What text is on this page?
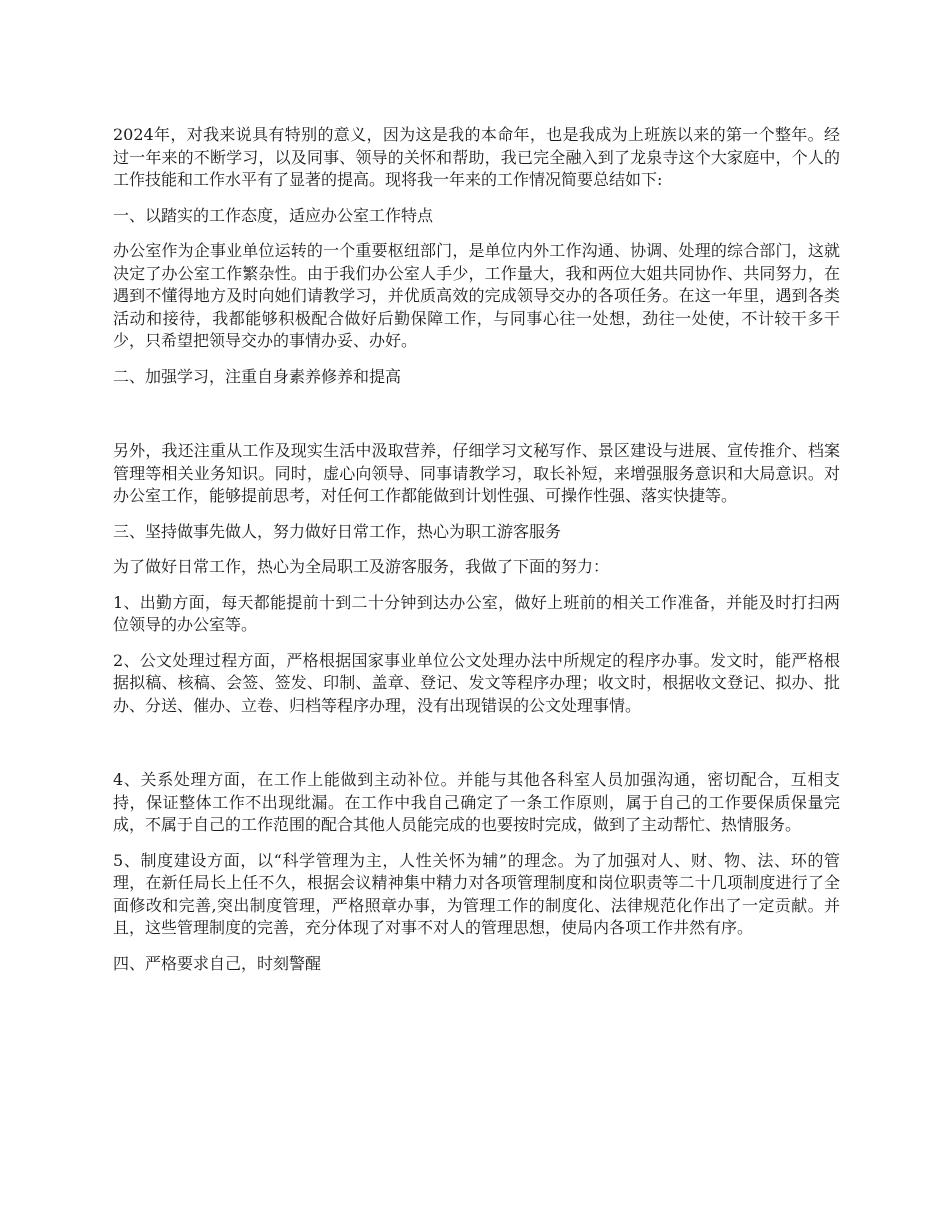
2024年，对我来说具有特别的意义，因为这是我的本命年，也是我成为上班族以来的第一个整年。经过一年来的不断学习，以及同事、领导的关怀和帮助，我已完全融入到了龙泉寺这个大家庭中，个人的工作技能和工作水平有了显著的提高。现将我一年来的工作情况简要总结如下:

一、以踏实的工作态度，适应办公室工作特点

办公室作为企事业单位运转的一个重要枢纽部门，是单位内外工作沟通、协调、处理的综合部门，这就决定了办公室工作繁杂性。由于我们办公室人手少，工作量大，我和两位大姐共同协作、共同努力，在遇到不懂得地方及时向她们请教学习，并优质高效的完成领导交办的各项任务。在这一年里，遇到各类活动和接待，我都能够积极配合做好后勤保障工作，与同事心往一处想，劲往一处使，不计较干多干少，只希望把领导交办的事情办妥、办好。

二、加强学习，注重自身素养修养和提高

另外，我还注重从工作及现实生活中汲取营养，仔细学习文秘写作、景区建设与进展、宣传推介、档案管理等相关业务知识。同时，虚心向领导、同事请教学习，取长补短，来增强服务意识和大局意识。对办公室工作，能够提前思考，对任何工作都能做到计划性强、可操作性强、落实快捷等。

三、坚持做事先做人，努力做好日常工作，热心为职工游客服务

为了做好日常工作，热心为全局职工及游客服务，我做了下面的努力：

1、出勤方面，每天都能提前十到二十分钟到达办公室，做好上班前的相关工作准备，并能及时打扫两位领导的办公室等。

2、公文处理过程方面，严格根据国家事业单位公文处理办法中所规定的程序办事。发文时，能严格根据拟稿、核稿、会签、签发、印制、盖章、登记、发文等程序办理；收文时，根据收文登记、拟办、批办、分送、催办、立卷、归档等程序办理，没有出现错误的公文处理事情。

4、关系处理方面，在工作上能做到主动补位。并能与其他各科室人员加强沟通，密切配合，互相支持，保证整体工作不出现纰漏。在工作中我自己确定了一条工作原则，属于自己的工作要保质保量完成，不属于自己的工作范围的配合其他人员能完成的也要按时完成，做到了主动帮忙、热情服务。

5、制度建设方面，以“科学管理为主，人性关怀为辅”的理念。为了加强对人、财、物、法、环的管理，在新任局长上任不久，根据会议精神集中精力对各项管理制度和岗位职责等二十几项制度进行了全面修改和完善,突出制度管理，严格照章办事，为管理工作的制度化、法律规范化作出了一定贡献。并且，这些管理制度的完善，充分体现了对事不对人的管理思想，使局内各项工作井然有序。

四、严格要求自己，时刻警醒
